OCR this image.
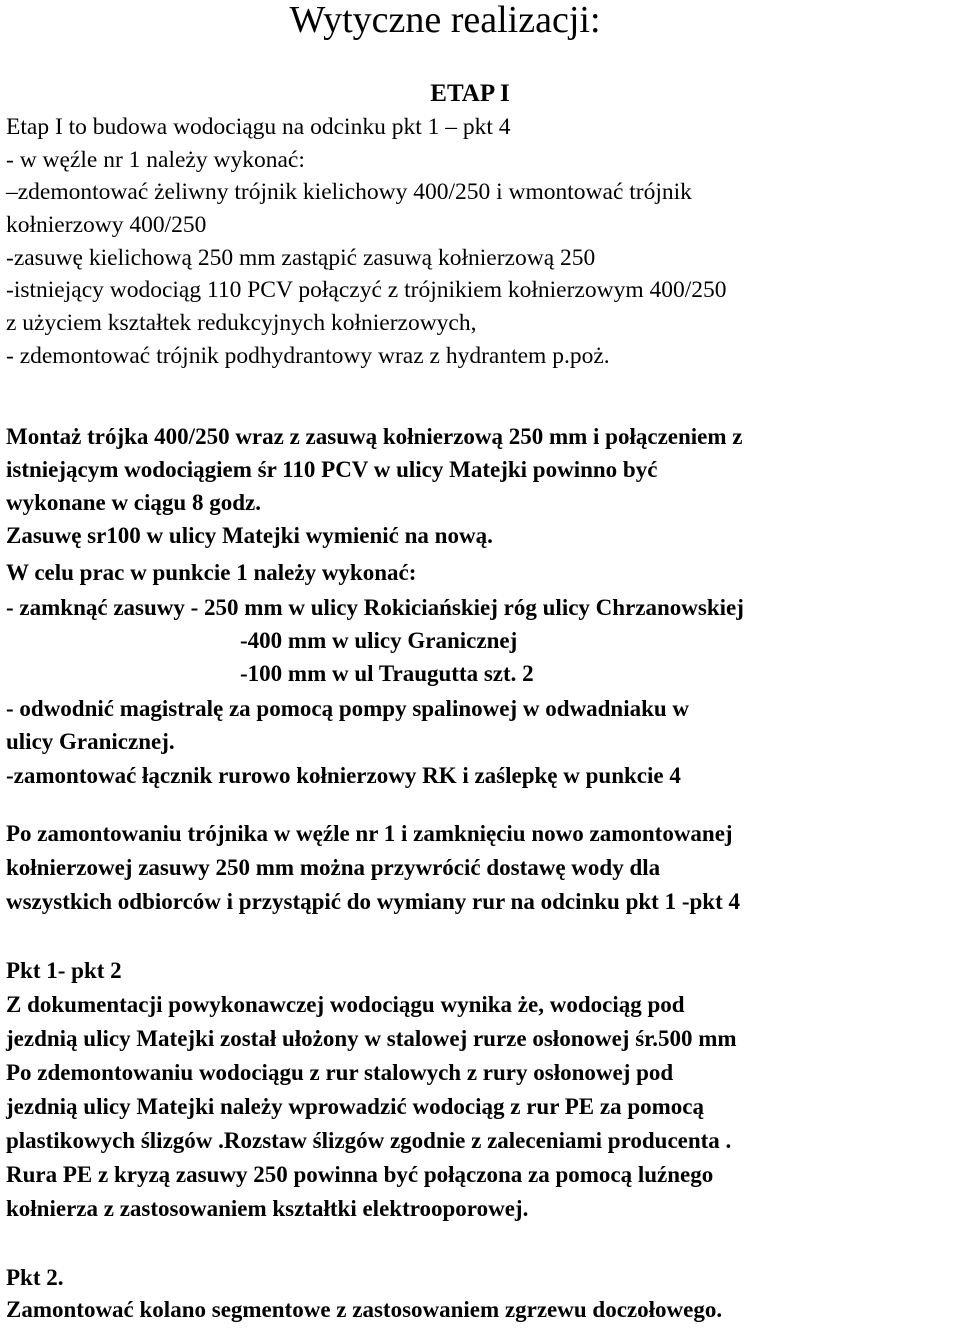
Wytyczne realizacji:
ETAP I
Etap I to budowa wodociągu na odcinku pkt 1 – pkt 4
- w węźle nr 1 należy wykonać:
–zdemontować żeliwny trójnik kielichowy 400/250 i wmontować trójnik
kołnierzowy 400/250
-zasuwę kielichową 250 mm zastąpić zasuwą kołnierzową 250
-istniejący wodociąg 110 PCV połączyć z trójnikiem kołnierzowym 400/250
z użyciem kształtek redukcyjnych kołnierzowych,
- zdemontować trójnik podhydrantowy wraz z hydrantem p.poż.
Montaż trójka 400/250 wraz z zasuwą kołnierzową 250 mm i połączeniem z
istniejącym wodociągiem śr 110 PCV w ulicy Matejki powinno być
wykonane w ciągu 8 godz.
Zasuwę sr100 w ulicy Matejki wymienić na nową.
W celu prac w punkcie 1 należy wykonać:
- zamknąć zasuwy - 250 mm w ulicy Rokiciańskiej róg ulicy Chrzanowskiej
-400 mm w ulicy Granicznej
-100 mm w ul Traugutta szt. 2
- odwodnić magistralę za pomocą pompy spalinowej w odwadniaku w
ulicy Granicznej.
-zamontować łącznik rurowo kołnierzowy RK i zaślepkę w punkcie 4
Po zamontowaniu trójnika w węźle nr 1 i zamknięciu nowo zamontowanej
kołnierzowej zasuwy 250 mm można przywrócić dostawę wody dla
wszystkich odbiorców i przystąpić do wymiany rur na odcinku pkt 1 -pkt 4
Pkt 1- pkt 2
Z dokumentacji powykonawczej wodociągu wynika że, wodociąg pod
jezdnią ulicy Matejki został ułożony w stalowej rurze osłonowej śr.500 mm
Po zdemontowaniu wodociągu z rur stalowych z rury osłonowej pod
jezdnią ulicy Matejki należy wprowadzić wodociąg z rur PE za pomocą
plastikowych ślizgów .Rozstaw ślizgów zgodnie z zaleceniami producenta .
Rura PE z kryzą zasuwy 250 powinna być połączona za pomocą luźnego
kołnierza z zastosowaniem kształtki elektrooporowej.
Pkt 2.
Zamontować kolano segmentowe z zastosowaniem zgrzewu doczołowego.
